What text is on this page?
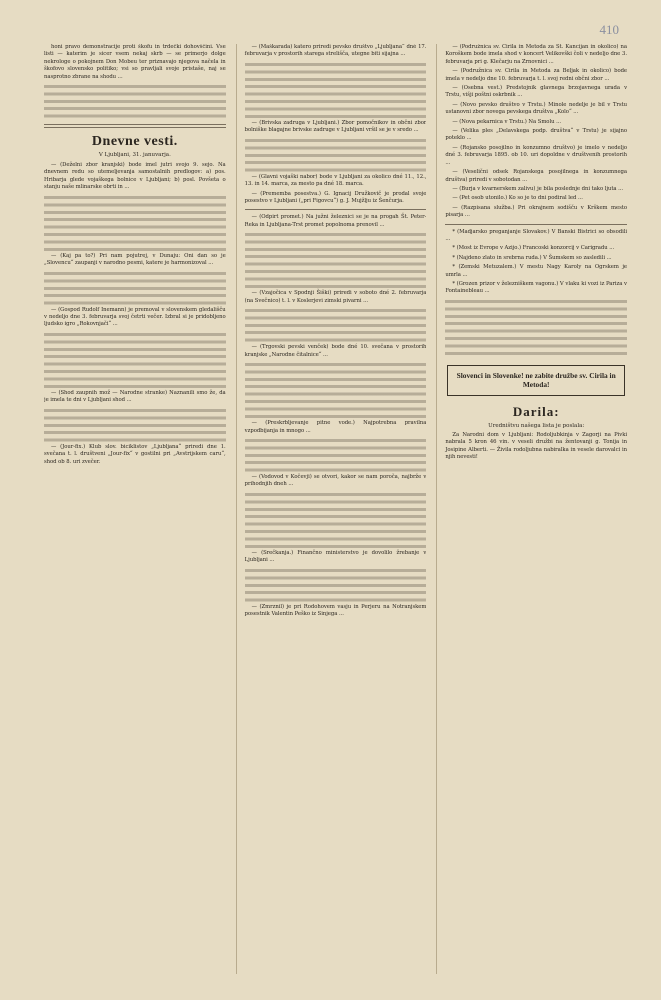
410

honi pravo demonstracije proti škofu in trdečki dohovščini. Vse listi — katerim je sicer vsem nekaj skrb — se primerjo dolge nekrologe o pokojnem Don Mobeu ter priznavajo njegova načela in škofovo slovensko politiko; vsi so pravljali svoje pristaše, naj se nasprotno zbrane na shodu ...

Dnevne vesti.
V Ljubljani, 31. januvarja.

— (Deželni zbor kranjski) bode imel jutri svojo 9. sejo. Na dnevnem redu so utemeljevanja samostalnih predlogov: a) pos. Hribarja glede vojaškega bolnice v Ljubljani; b) posl. Povšeta o stanju naše mlinarske obrti in ...

— (Kaj pa to?) Pri nam pojutrej, v Dunaju: Oni dan so je „Slovencu“ zaupanji v narodno pesmi, katere je harmonizoval ...

— (Gospod Rudolf Inemann) je premoval v slovenskem gledališču v nedeljo dne 3. februvarja svoj četrti večer. Izbral si je pridobljeno ljudsko igro „Rokovnjači“ ...

— (Shod zaupnih mož — Narodne stranke) Naznanili smo že, da je imela te dni v Ljubljani shod ...

— (Jour-fix.) Klub slov. biciklistov „Ljubljana“ priredi dne 1. svečana t. l. društveni „Jour-fix“ v gostilni pri „Avstrijskem caru“, shod ob 8. uri zvečer.

— (Maškarada) katero priredi pevsko društvo „Ljubljana“ dné 17. februvarja v prostorih starega strelišča, utegne biti sijajna ...

— (Brivska zadruga v Ljubljani.) Zbor pomočnikov in občni zbor bolniške blagajne brivske zadruge v Ljubljani vršil se je v sredo ...

— (Glavni vojaški nabor) bode v Ljubljani za okolico dné 11., 12., 13. in 14. marca, za mesto pa dné 18. marca.

— (Prememba posestva.) G. Ignacij Družkovič je prodal svoje posestvo v Ljubljani („pri Figovcu“) g. J. Mujžlju iz Šenčurja.

— (Odpirt promet.) Na južni železnici se je na progah Št. Peter-Reka in Ljubljana-Trst promet popolnoma prenovil ...

— (Vzajočica v Spodnji Šiški) priredi v soboto dné 2. februvarja (na Svečnico) t. l. v Koslerjevi zimski pivarni ...

— (Trgovski pevski venček) bode dné 10. svečana v prostorih kranjske „Narodne čitalnice“ ...

— (Preskrbljevanje pitne vode.) Najpotrebna pravilna vzpodbijanja in mnogo ...

— (Vodovod v Kočevji) se otvori, kakor se nam poroča, najbrže v prihodnjih dneh ...

— (Srečkanja.) Finančno ministerstvo je dovolilo žrebanje v Ljubljani ...

— (Zmrznil) je pri Rodohovem vasju in Perjeru na Notranjskem posestnik Valentin Peško iz Sinjega ...

— (Podružnica sv. Cirila in Metoda za Št. Kancijan in okolico) na Koroškem bode imela shod v koncert Velikovški čoli v nedeljo dne 3. februvarja pri g. Klečarju na Zrnovnici ...

— (Podružnica sv. Cirila in Metoda za Beljak in okolico) bode imela v nedeljo dne 10. februvarja t. l. svoj redni občni zbor ...

— (Osebna vest.) Predstojnik glavnega brzojavnega urada v Trstu, višji poštni oskrbnik ...

— (Novo pevsko društvo v Trstu.) Minole nedelje je bil v Trstu ustanovni zbor novega pevskega društva „Kolo“ ...

— (Nova pekarnica v Trstu.) Na Smolu ...

— (Velika ples „Delavskega podp. društva“ v Trstu) je sijajno poteklo ...

— (Rojansko posojilno in konzumno društvo) je imelo v nedeljo dné 3. februvarja 1895. ob 10. uri dopoldne v društvenih prostorih ...

— (Veselični odsek Rojanskega posojilnega in konzumnega društva) priredi v sobotodan ...

— (Burja v kvarnerskem zalivu) je bila poslednje dni tako ljuta ...

— (Pet osob utonilo.) Ko so je to dni podiral led ...

— (Razpisana služba.) Pri okrajnem sodišču v Krškem mesto pisarja ...

* (Madjarsko preganjanje Slovakov.) V Banski Bistrici so obsodili ...

* (Most iz Evrope v Azijo.) Francoski konzorcij v Carigradu ...

* (Najdeno zlato in srebrna ruda.) V Šumskem so zasledili ...

* (Zemski Metuzalem.) V mestu Nagy Karoly na Ogrskem je umrla ...

* (Grozen prizor v železniškem vagonu.) V vlaku ki vozi iz Pariza v Fontainebleau ...

Slovenci in Slovenke! ne zabite družbe sv. Cirila in Metoda!
Darila:
Uredništvu našega lista je poslala:

Za Narodni dom v Ljubljani: Rodoljubkinja v Zagorji na Pivki nabrala 5 kron 46 vin. v veseli družbi na žentovanji g. Tonija in Josipine Alberti. — Živila rodoljubna nabiralka in vesele darovalci in njih nevesti!
